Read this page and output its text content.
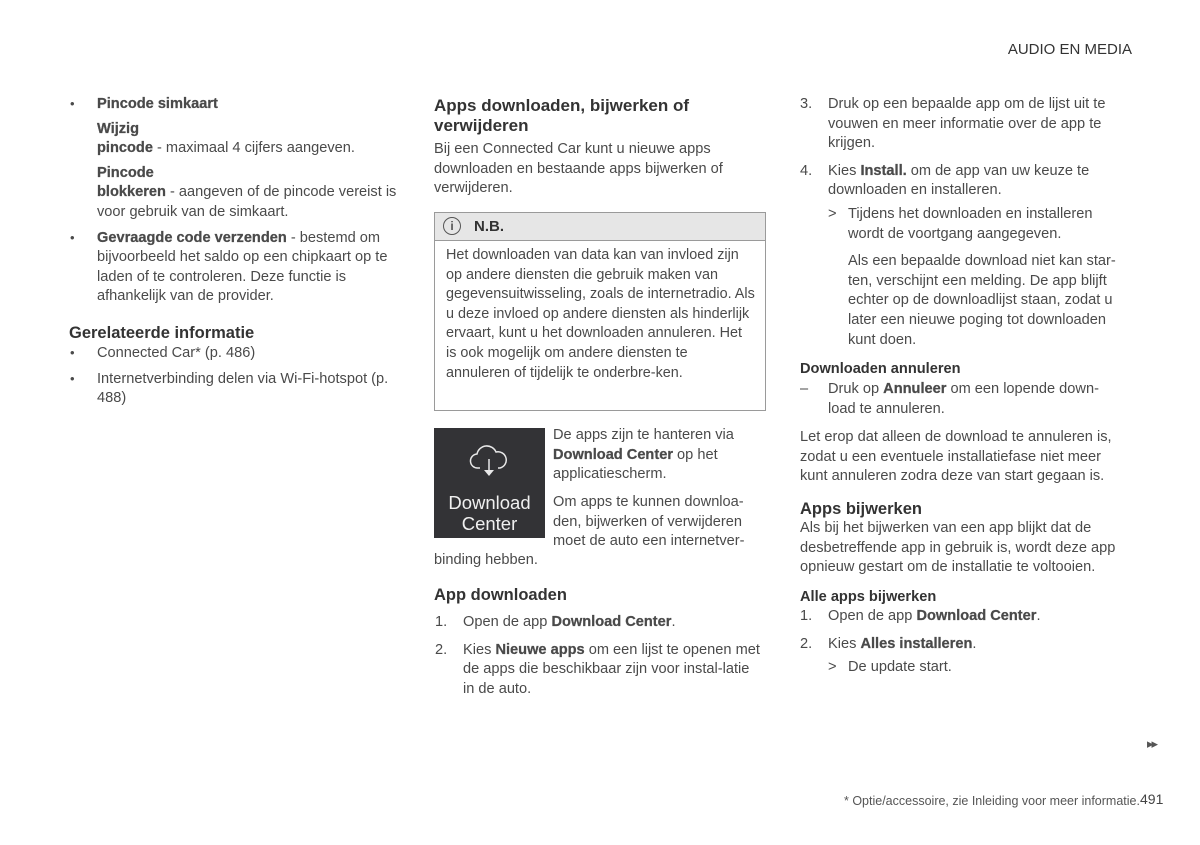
AUDIO EN MEDIA
• Pincode simkaart

Wijzig

pincode - maximaal 4 cijfers aangeven.

Pincode

blokkeren - aangeven of de pincode vereist is voor gebruik van de simkaart.

• Gevraagde code verzenden - bestemd om bijvoorbeeld het saldo op een chipkaart op te laden of te controleren. Deze functie is afhankelijk van de provider.

Gerelateerde informatie
• Connected Car* (p. 486)

• Internetverbinding delen via Wi-Fi-hotspot (p. 488)

Apps downloaden, bijwerken of verwijderen

Bij een Connected Car kunt u nieuwe apps downloaden en bestaande apps bijwerken of verwijderen.

i	N.B.

Het downloaden van data kan van invloed zijn op andere diensten die gebruik maken van gegevensuitwisseling, zoals de internetradio. Als u deze invloed op andere diensten als hinderlijk ervaart, kunt u het downloaden annuleren. Het is ook mogelijk om andere diensten te annuleren of tijdelijk te onderbre-ken.

Download
Center

De apps zijn te hanteren via Download Center op het applicatiescherm.

Om apps te kunnen downloa-den, bijwerken of verwijderen moet de auto een internetver-

binding hebben.

App downloaden
1. Open de app Download Center.

2. Kies Nieuwe apps om een lijst te openen met de apps die beschikbaar zijn voor instal-latie in de auto.

3. Druk op een bepaalde app om de lijst uit te vouwen en meer informatie over de app te krijgen.

4. Kies Install. om de app van uw keuze te downloaden en installeren.

> Tijdens het downloaden en installeren wordt de voortgang aangegeven.

Als een bepaalde download niet kan star-ten, verschijnt een melding. De app blijft echter op de downloadlijst staan, zodat u later een nieuwe poging tot downloaden kunt doen.

Downloaden annuleren
– Druk op Annuleer om een lopende down-load te annuleren.

Let erop dat alleen de download te annuleren is, zodat u een eventuele installatiefase niet meer kunt annuleren zodra deze van start gegaan is.

Apps bijwerken

Als bij het bijwerken van een app blijkt dat de desbetreffende app in gebruik is, wordt deze app opnieuw gestart om de installatie te voltooien.

Alle apps bijwerken
1. Open de app Download Center.

2. Kies Alles installeren.

> De update start.

▸▸
* Optie/accessoire, zie Inleiding voor meer informatie. 491
